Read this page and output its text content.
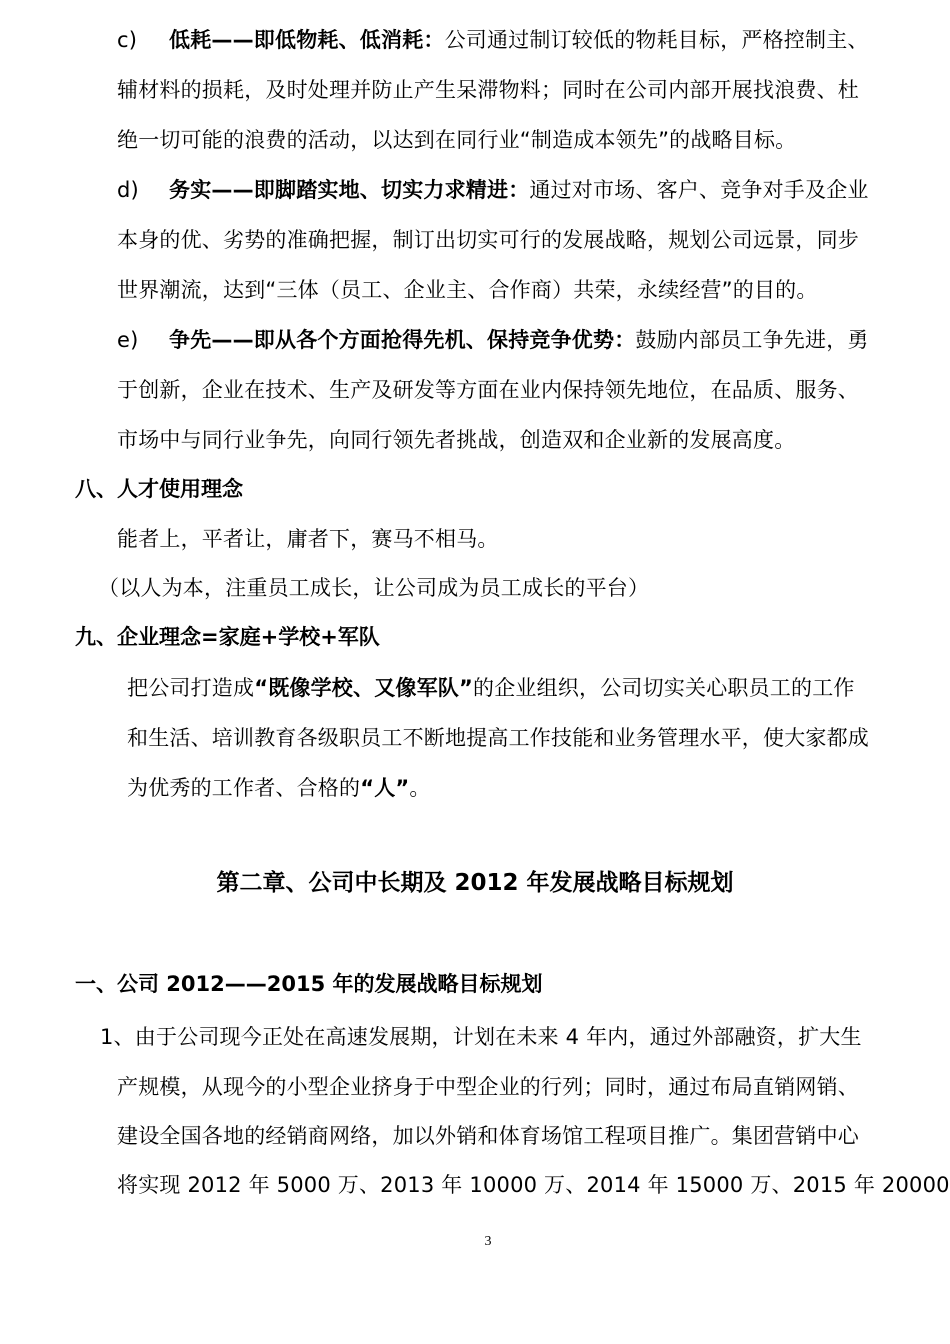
c) 低耗——即低物耗、低消耗：公司通过制订较低的物耗目标，严格控制主、
辅材料的损耗，及时处理并防止产生呆滞物料；同时在公司内部开展找浪费、杜
绝一切可能的浪费的活动，以达到在同行业“制造成本领先”的战略目标。
d) 务实——即脚踏实地、切实力求精进：通过对市场、客户、竞争对手及企业
本身的优、劣势的准确把握，制订出切实可行的发展战略，规划公司远景，同步
世界潮流，达到“三体（员工、企业主、合作商）共荣，永续经营”的目的。
e) 争先——即从各个方面抢得先机、保持竞争优势：鼓励内部员工争先进，勇
于创新，企业在技术、生产及研发等方面在业内保持领先地位，在品质、服务、
市场中与同行业争先，向同行领先者挑战，创造双和企业新的发展高度。
八、人才使用理念
能者上，平者让，庸者下，赛马不相马。
（以人为本，注重员工成长，让公司成为员工成长的平台）
九、企业理念=家庭+学校+军队
把公司打造成“既像学校、又像军队”的企业组织，公司切实关心职员工的工作
和生活、培训教育各级职员工不断地提高工作技能和业务管理水平，使大家都成
为优秀的工作者、合格的“人”。
第二章、公司中长期及 2012 年发展战略目标规划
一、公司 2012——2015 年的发展战略目标规划
1、由于公司现今正处在高速发展期，计划在未来 4 年内，通过外部融资，扩大生
产规模，从现今的小型企业挤身于中型企业的行列；同时，通过布局直销网销、
建设全国各地的经销商网络，加以外销和体育场馆工程项目推广。集团营销中心
将实现 2012 年 5000 万、2013 年 10000 万、2014 年 15000 万、2015 年 20000
3
